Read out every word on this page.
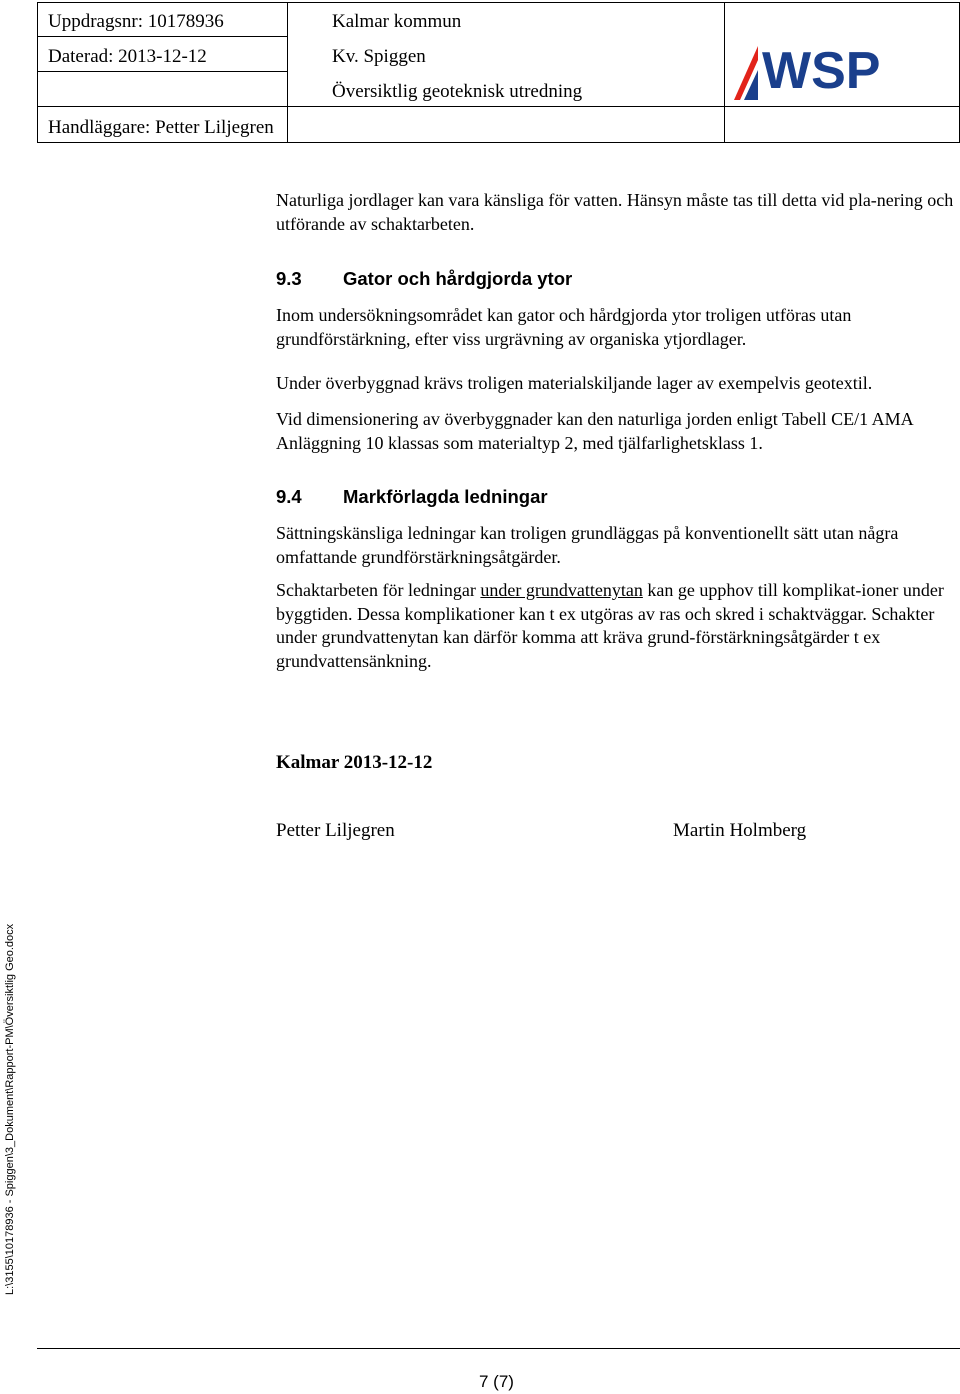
Uppdragsnr: 10178936
Daterad: 2013-12-12
Handläggare: Petter Liljegren
Kalmar kommun
Kv. Spiggen
Översiktlig geoteknisk utredning	WSP

Naturliga jordlager kan vara känsliga för vatten. Hänsyn måste tas till detta vid pla-nering och utförande av schaktarbeten.

9.3 Gator och hårdgjorda ytor

Inom undersökningsområdet kan gator och hårdgjorda ytor troligen utföras utan grundförstärkning, efter viss urgrävning av organiska ytjordlager.

Under överbyggnad krävs troligen materialskiljande lager av exempelvis geotextil.

Vid dimensionering av överbyggnader kan den naturliga jorden enligt Tabell CE/1 AMA Anläggning 10 klassas som materialtyp 2, med tjälfarlighetsklass 1.

9.4 Markförlagda ledningar

Sättningskänsliga ledningar kan troligen grundläggas på konventionellt sätt utan några omfattande grundförstärkningsåtgärder.

Schaktarbeten för ledningar under grundvattenytan kan ge upphov till komplikat-ioner under byggtiden. Dessa komplikationer kan t ex utgöras av ras och skred i schaktväggar. Schakter under grundvattenytan kan därför komma att kräva grund-förstärkningsåtgärder t ex grundvattensänkning.

Kalmar 2013-12-12

Petter Liljegren	Martin Holmberg

L:\3155\10178936 - Spiggen\3_Dokument\Rapport-PM\Översiktlig Geo.docx
7 (7)
